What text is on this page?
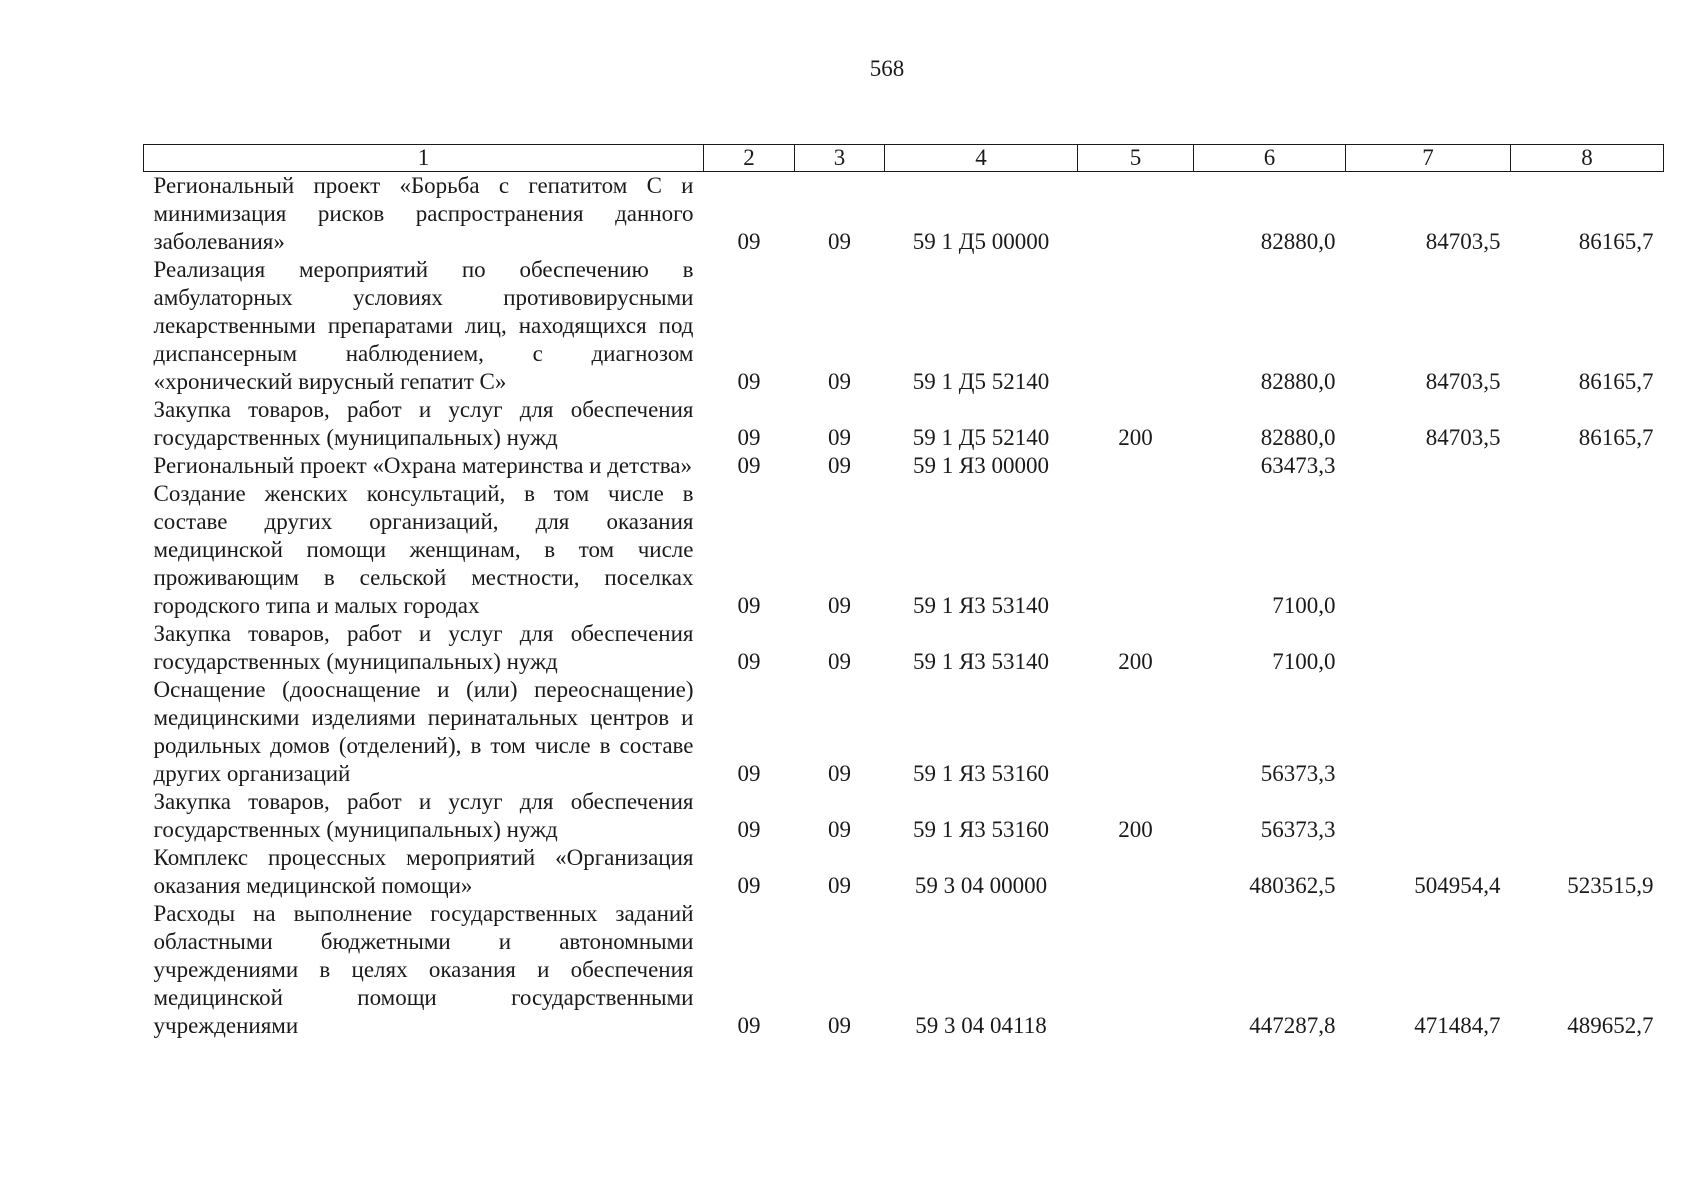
568
1	2	3	4	5	6	7	8
Региональный проект «Борьба с гепатитом С и минимизация рисков распространения данного заболевания»	09	09	59 1 Д5 00000		82880,0	84703,5	86165,7
Реализация мероприятий по обеспечению в амбулаторных условиях противовирусными лекарственными препаратами лиц, находящихся под диспансерным наблюдением, с диагнозом «хронический вирусный гепатит С»	09	09	59 1 Д5 52140		82880,0	84703,5	86165,7
Закупка товаров, работ и услуг для обеспечения государственных (муниципальных) нужд	09	09	59 1 Д5 52140	200	82880,0	84703,5	86165,7
Региональный проект «Охрана материнства и детства»	09	09	59 1 Я3 00000		63473,3		
Создание женских консультаций, в том числе в составе других организаций, для оказания медицинской помощи женщинам, в том числе проживающим в сельской местности, поселках городского типа и малых городах	09	09	59 1 Я3 53140		7100,0		
Закупка товаров, работ и услуг для обеспечения государственных (муниципальных) нужд	09	09	59 1 Я3 53140	200	7100,0		
Оснащение (дооснащение и (или) переоснащение) медицинскими изделиями перинатальных центров и родильных домов (отделений), в том числе в составе других организаций	09	09	59 1 Я3 53160		56373,3		
Закупка товаров, работ и услуг для обеспечения государственных (муниципальных) нужд	09	09	59 1 Я3 53160	200	56373,3		
Комплекс процессных мероприятий «Организация оказания медицинской помощи»	09	09	59 3 04 00000		480362,5	504954,4	523515,9
Расходы на выполнение государственных заданий областными бюджетными и автономными учреждениями в целях оказания и обеспечения медицинской помощи государственными учреждениями	09	09	59 3 04 04118		447287,8	471484,7	489652,7
